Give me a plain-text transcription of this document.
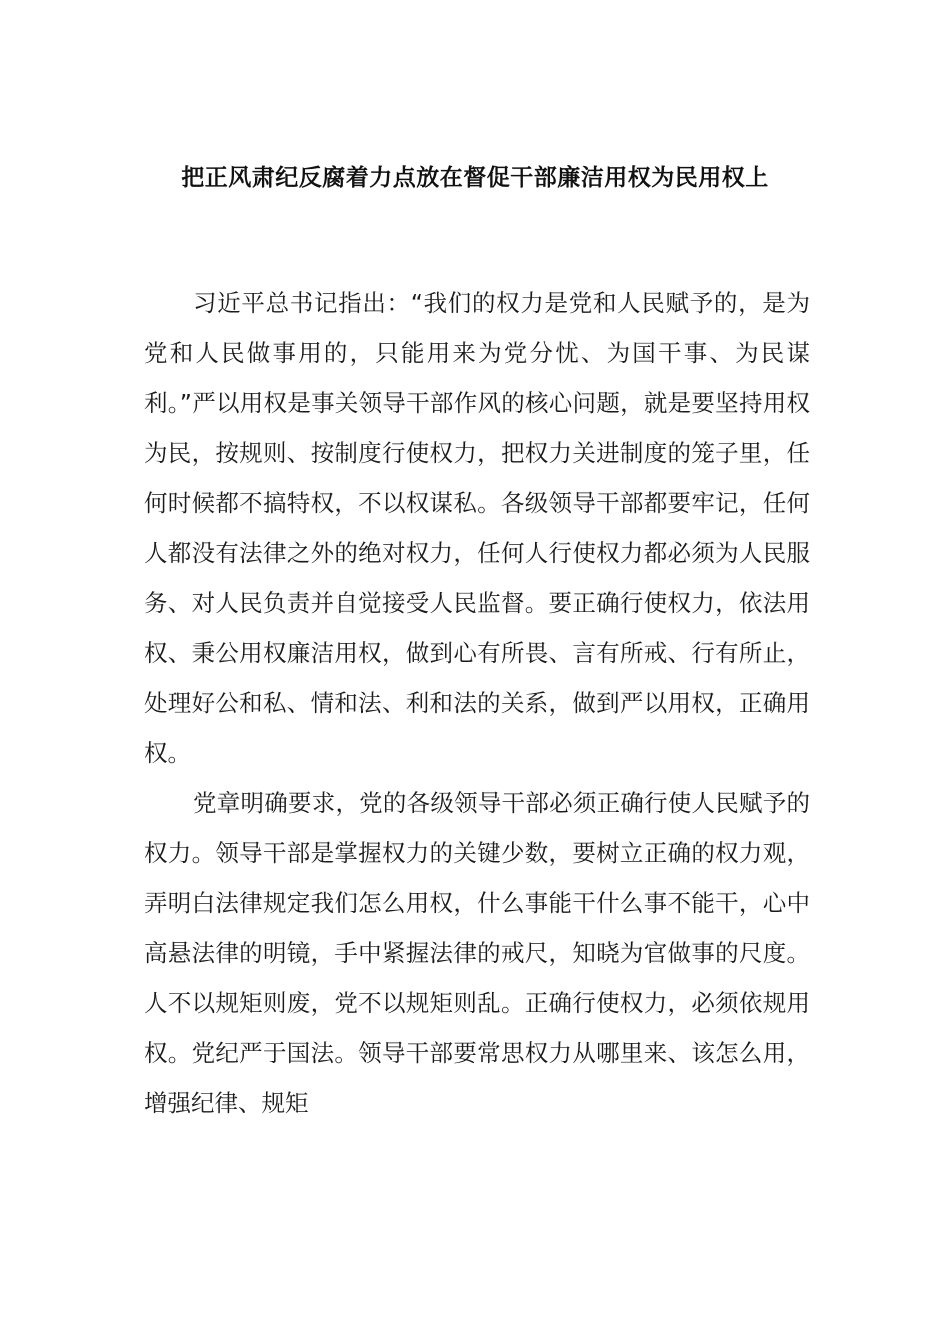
把正风肃纪反腐着力点放在督促干部廉洁用权为民用权上

习近平总书记指出：“我们的权力是党和人民赋予的，是为党和人民做事用的，只能用来为党分忧、为国干事、为民谋利。”严以用权是事关领导干部作风的核心问题，就是要坚持用权为民，按规则、按制度行使权力，把权力关进制度的笼子里，任何时候都不搞特权，不以权谋私。各级领导干部都要牢记，任何人都没有法律之外的绝对权力，任何人行使权力都必须为人民服务、对人民负责并自觉接受人民监督。要正确行使权力，依法用权、秉公用权廉洁用权，做到心有所畏、言有所戒、行有所止，处理好公和私、情和法、利和法的关系，做到严以用权，正确用权。

党章明确要求，党的各级领导干部必须正确行使人民赋予的权力。领导干部是掌握权力的关键少数，要树立正确的权力观，弄明白法律规定我们怎么用权，什么事能干什么事不能干，心中高悬法律的明镜，手中紧握法律的戒尺，知晓为官做事的尺度。人不以规矩则废，党不以规矩则乱。正确行使权力，必须依规用权。党纪严于国法。领导干部要常思权力从哪里来、该怎么用，增强纪律、规矩
